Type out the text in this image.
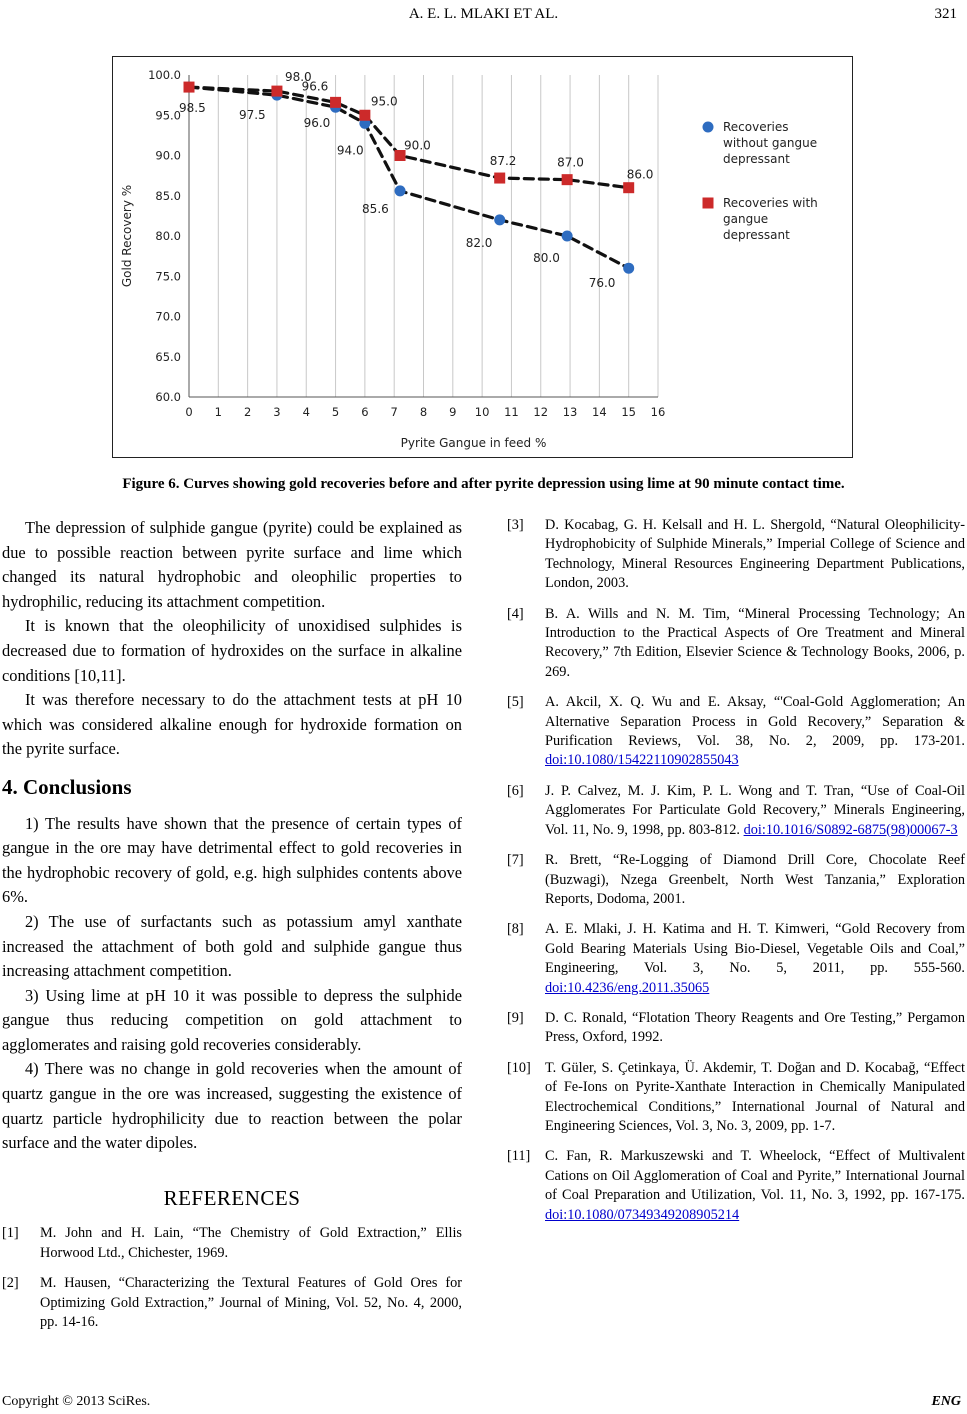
A. E. L. MLAKI ET AL.	321
0 1 2 3 4 5 6 7 8 9 10 11 12 13 14 15 16
60.0
65.0
70.0
75.0
80.0
85.0
90.0
95.0
100.0
Pyrite Gangue in feed %
Gold Recovery %
98.5
97.5
96.0
94.0
85.6
82.0
80.0
76.0
98.0
96.6
95.0
90.0
87.2	87.0
86.0
Recoveries
without gangue
depressant
Recoveries with
gangue
depressant
Figure 6. Curves showing gold recoveries before and after pyrite depression using lime at 90 minute contact time.

The depression of sulphide gangue (pyrite) could be explained as due to possible reaction between pyrite surface and lime which changed its natural hydrophobic and oleophilic properties to hydrophilic, reducing its attachment competition.

It is known that the oleophilicity of unoxidised sulphides is decreased due to formation of hydroxides on the surface in alkaline conditions [10,11].

It was therefore necessary to do the attachment tests at pH 10 which was considered alkaline enough for hydroxide formation on the pyrite surface.

4. Conclusions

1) The results have shown that the presence of certain types of gangue in the ore may have detrimental effect to gold recoveries in the hydrophobic recovery of gold, e.g. high sulphides contents above 6%.

2) The use of surfactants such as potassium amyl xanthate increased the attachment of both gold and sulphide gangue thus increasing attachment competition.

3) Using lime at pH 10 it was possible to depress the sulphide gangue thus reducing competition on gold attachment to agglomerates and raising gold recoveries considerably.

4) There was no change in gold recoveries when the amount of quartz gangue in the ore was increased, suggesting the existence of quartz particle hydrophilicity due to reaction between the polar surface and the water dipoles.

REFERENCES
[1] M. John and H. Lain, “The Chemistry of Gold Extraction,” Ellis Horwood Ltd., Chichester, 1969.
[2] M. Hausen, “Characterizing the Textural Features of Gold Ores for Optimizing Gold Extraction,” Journal of Mining, Vol. 52, No. 4, 2000, pp. 14-16.
[3] D. Kocabag, G. H. Kelsall and H. L. Shergold, “Natural Oleophilicity-Hydrophobicity of Sulphide Minerals,” Imperial College of Science and Technology, Mineral Resources Engineering Department Publications, London, 2003.
[4] B. A. Wills and N. M. Tim, “Mineral Processing Technology; An Introduction to the Practical Aspects of Ore Treatment and Mineral Recovery,” 7th Edition, Elsevier Science & Technology Books, 2006, p. 269.
[5] A. Akcil, X. Q. Wu and E. Aksay, “'Coal-Gold Agglomeration; An Alternative Separation Process in Gold Recovery,” Separation & Purification Reviews, Vol. 38, No. 2, 2009, pp. 173-201. doi:10.1080/15422110902855043
[6] J. P. Calvez, M. J. Kim, P. L. Wong and T. Tran, “Use of Coal-Oil Agglomerates For Particulate Gold Recovery,” Minerals Engineering, Vol. 11, No. 9, 1998, pp. 803-812. doi:10.1016/S0892-6875(98)00067-3
[7] R. Brett, “Re-Logging of Diamond Drill Core, Chocolate Reef (Buzwagi), Nzega Greenbelt, North West Tanzania,” Exploration Reports, Dodoma, 2001.
[8] A. E. Mlaki, J. H. Katima and H. T. Kimweri, “Gold Recovery from Gold Bearing Materials Using Bio-Diesel, Vegetable Oils and Coal,” Engineering, Vol. 3, No. 5, 2011, pp. 555-560. doi:10.4236/eng.2011.35065
[9] D. C. Ronald, “Flotation Theory Reagents and Ore Testing,” Pergamon Press, Oxford, 1992.
[10] T. Güler, S. Çetinkaya, Ü. Akdemir, T. Doğan and D. Kocabağ, “Effect of Fe-Ions on Pyrite-Xanthate Interaction in Chemically Manipulated Electrochemical Conditions,” International Journal of Natural and Engineering Sciences, Vol. 3, No. 3, 2009, pp. 1-7.
[11] C. Fan, R. Markuszewski and T. Wheelock, “Effect of Multivalent Cations on Oil Agglomeration of Coal and Pyrite,” International Journal of Coal Preparation and Utilization, Vol. 11, No. 3, 1992, pp. 167-175. doi:10.1080/07349349208905214
Copyright © 2013 SciRes.	ENG
